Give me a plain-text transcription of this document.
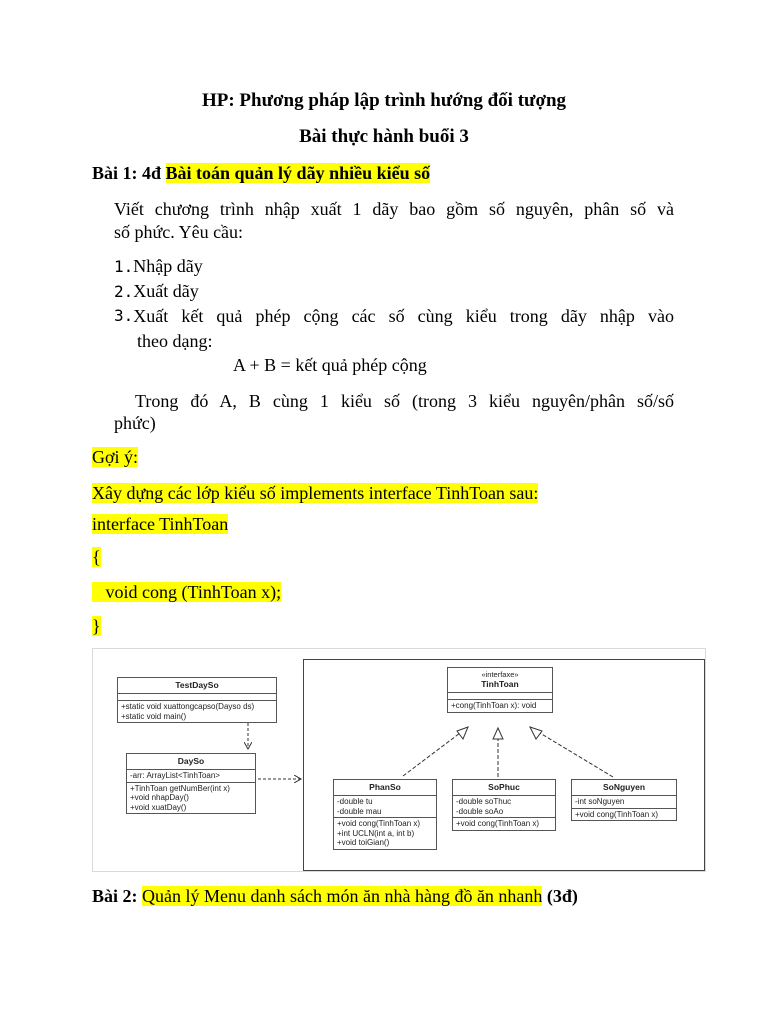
HP: Phương pháp lập trình hướng đối tượng
Bài thực hành buổi 3
Bài 1: 4đ Bài toán quản lý dãy nhiều kiểu số
Viết chương trình nhập xuất 1 dãy bao gồm số nguyên, phân số và
số phức. Yêu cầu:
1.Nhập dãy
2.Xuất dãy
3. Xuất kết quả phép cộng các số cùng kiểu trong dãy nhập vào
theo dạng:
A + B = kết quả phép cộng
Trong đó A, B cùng 1 kiểu số (trong 3 kiểu nguyên/phân số/số
phức)
Gợi ý:
Xây dựng các lớp kiểu số implements interface TinhToan sau:
interface TinhToan
{
void cong (TinhToan x);
}
TestDaySo
+static void xuattongcapso(Dayso ds)
+static void main()
DaySo
-arr: ArrayList<TinhToan>
+TinhToan getNumBer(int x)
+void nhapDay()
+void xuatDay()
«interfaxe»
TinhToan
+cong(TinhToan x): void
PhanSo
-double tu
-double mau
+void cong(TinhToan x)
+int UCLN(int a, int b)
+void toiGian()
SoPhuc
-double soThuc
-double soAo
+void cong(TinhToan x)
SoNguyen
-int soNguyen
+void cong(TinhToan x)
Bài 2: Quản lý Menu danh sách món ăn nhà hàng đồ ăn nhanh (3đ)
